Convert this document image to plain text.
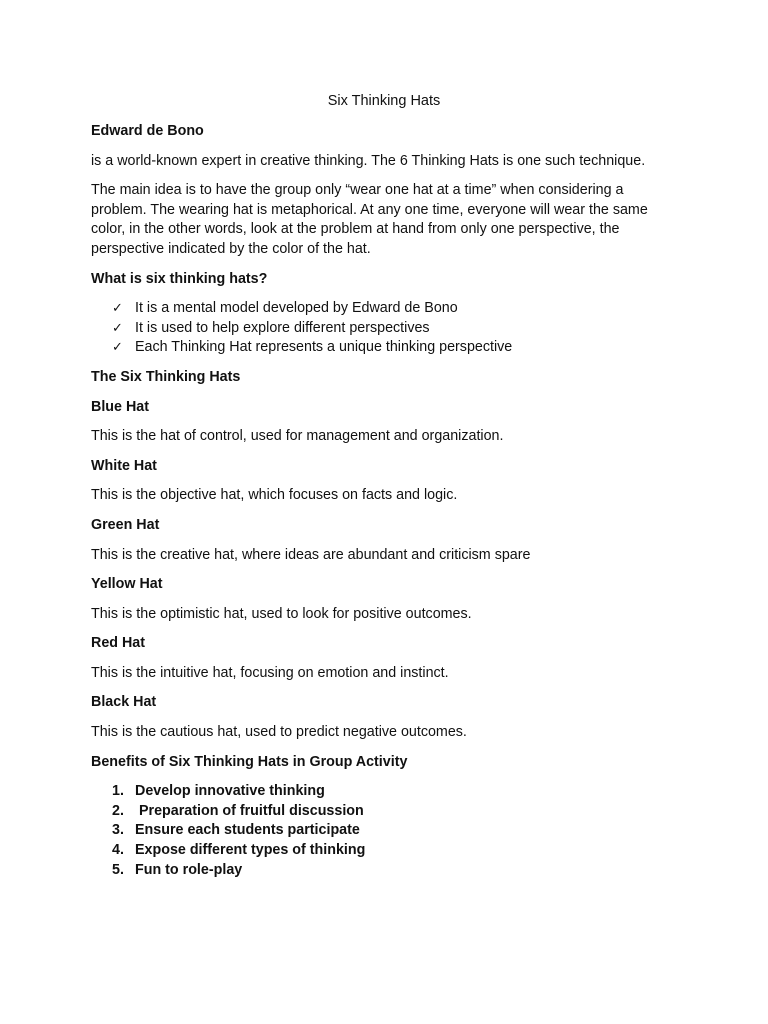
Six Thinking Hats

Edward de Bono

is a world-known expert in creative thinking. The 6 Thinking Hats is one such technique.

The main idea is to have the group only “wear one hat at a time” when considering a problem. The wearing hat is metaphorical. At any one time, everyone will wear the same color, in the other words, look at the problem at hand from only one perspective, the perspective indicated by the color of the hat.

What is six thinking hats?

✓ It is a mental model developed by Edward de Bono
✓ It is used to help explore different perspectives
✓ Each Thinking Hat represents a unique thinking perspective

The Six Thinking Hats

Blue Hat

This is the hat of control, used for management and organization.

White Hat

This is the objective hat, which focuses on facts and logic.

Green Hat

This is the creative hat, where ideas are abundant and criticism spare

Yellow Hat

This is the optimistic hat, used to look for positive outcomes.

Red Hat

This is the intuitive hat, focusing on emotion and instinct.

Black Hat

This is the cautious hat, used to predict negative outcomes.

Benefits of Six Thinking Hats in Group Activity

1. Develop innovative thinking
2. Preparation of fruitful discussion
3. Ensure each students participate
4. Expose different types of thinking
5. Fun to role-play
